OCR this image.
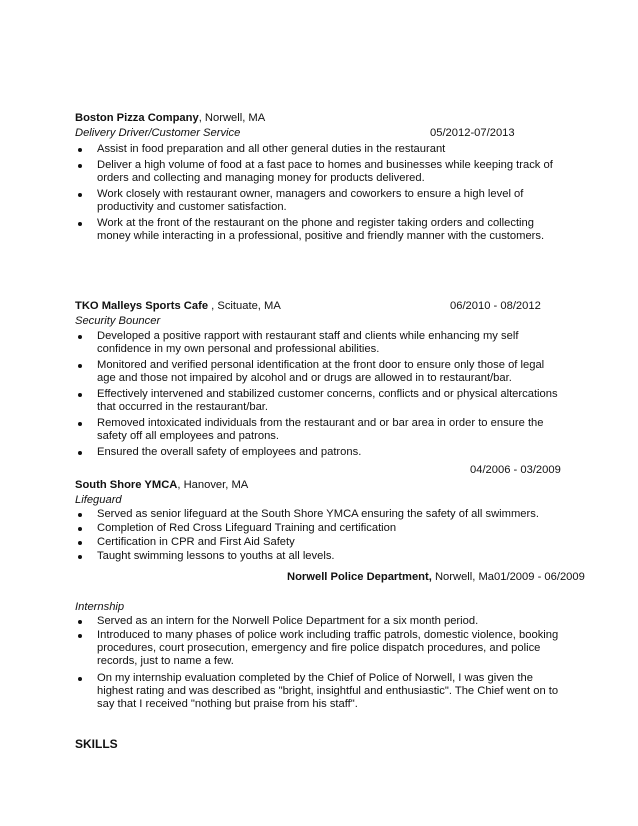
Boston Pizza Company, Norwell, MA
Delivery Driver/Customer Service	05/2012-07/2013
Assist in food preparation and all other general duties in the restaurant
Deliver a high volume of food at a fast pace to homes and businesses while keeping track of orders and collecting and managing money for products delivered.
Work closely with restaurant owner, managers and coworkers to ensure a high level of productivity and customer satisfaction.
Work at the front of the restaurant on the phone and register taking orders and collecting money while interacting in a professional, positive and friendly manner with the customers.
TKO Malleys Sports Cafe , Scituate, MA	06/2010 - 08/2012
Security Bouncer
Developed a positive rapport with restaurant staff and clients while enhancing my self confidence in my own personal and professional abilities.
Monitored and verified personal identification at the front door to ensure only those of legal age and those not impaired by alcohol and or drugs are allowed in to restaurant/bar.
Effectively intervened and stabilized customer concerns, conflicts and or physical altercations that occurred in the restaurant/bar.
Removed intoxicated individuals from the restaurant and or bar area in order to ensure the safety off all employees and patrons.
Ensured the overall safety of employees and patrons.
04/2006 - 03/2009
South Shore YMCA, Hanover, MA
Lifeguard
Served as senior lifeguard at the South Shore YMCA ensuring the safety of all swimmers.
Completion of Red Cross Lifeguard Training and certification
Certification in CPR and First Aid Safety
Taught swimming lessons to youths at all levels.
Norwell Police Department, Norwell, Ma01/2009 - 06/2009
Internship
Served as an intern for the Norwell Police Department for a six month period.
Introduced to many phases of police work including traffic patrols, domestic violence, booking procedures, court prosecution, emergency and fire police dispatch procedures, and police records, just to name a few.
On my internship evaluation completed by the Chief of Police of Norwell, I was given the highest rating and was described as "bright, insightful and enthusiastic". The Chief went on to say that I received "nothing but praise from his staff".
SKILLS
